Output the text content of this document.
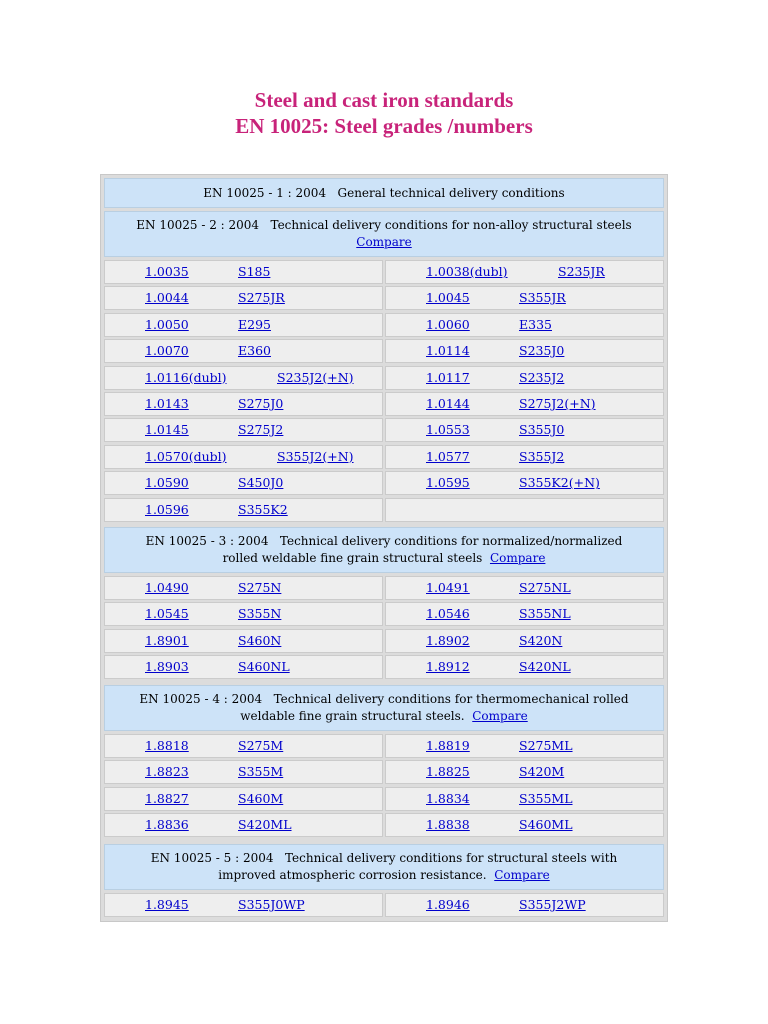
Steel and cast iron standards
EN 10025: Steel grades /numbers
EN 10025 - 1 : 2004   General technical delivery conditions
EN 10025 - 2 : 2004   Technical delivery conditions for non-alloy structural steels
Compare
1.0035	S185	1.0038(dubl)	S235JR
1.0044	S275JR	1.0045	S355JR
1.0050	E295	1.0060	E335
1.0070	E360	1.0114	S235J0
1.0116(dubl)	S235J2(+N)	1.0117	S235J2
1.0143	S275J0	1.0144	S275J2(+N)
1.0145	S275J2	1.0553	S355J0
1.0570(dubl)	S355J2(+N)	1.0577	S355J2
1.0590	S450J0	1.0595	S355K2(+N)
1.0596	S355K2
EN 10025 - 3 : 2004   Technical delivery conditions for normalized/normalized
rolled weldable fine grain structural steels Compare
1.0490	S275N	1.0491	S275NL
1.0545	S355N	1.0546	S355NL
1.8901	S460N	1.8902	S420N
1.8903	S460NL	1.8912	S420NL
EN 10025 - 4 : 2004   Technical delivery conditions for thermomechanical rolled
weldable fine grain structural steels. Compare
1.8818	S275M	1.8819	S275ML
1.8823	S355M	1.8825	S420M
1.8827	S460M	1.8834	S355ML
1.8836	S420ML	1.8838	S460ML
EN 10025 - 5 : 2004   Technical delivery conditions for structural steels with
improved atmospheric corrosion resistance. Compare
1.8945	S355J0WP	1.8946	S355J2WP
